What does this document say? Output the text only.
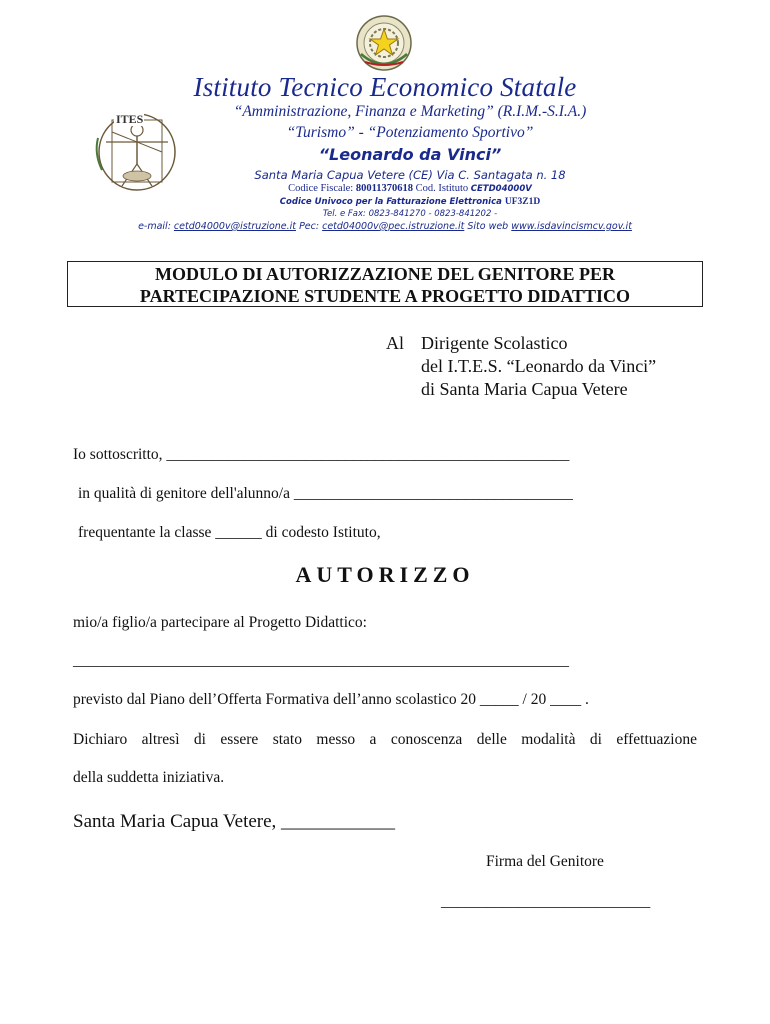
ITES
Istituto Tecnico Economico Statale
“Amministrazione, Finanza e Marketing” (R.I.M.-S.I.A.)
“Turismo” - “Potenziamento Sportivo”
“Leonardo da Vinci”
Santa Maria Capua Vetere (CE) Via C. Santagata n. 18
Codice Fiscale: 80011370618 Cod. Istituto CETD04000V
Codice Univoco per la Fatturazione Elettronica UF3Z1D
Tel. e Fax: 0823-841270 - 0823-841202 -
e-mail: cetd04000v@istruzione.it Pec: cetd04000v@pec.istruzione.it Sito web www.isdavincismcv.gov.it
MODULO DI AUTORIZZAZIONE DEL GENITORE PER
PARTECIPAZIONE STUDENTE A PROGETTO DIDATTICO
Al Dirigente Scolastico
del I.T.E.S. “Leonardo da Vinci”
di Santa Maria Capua Vetere
Io sottoscritto, ____________________________________________________
in qualità di genitore dell'alunno/a ____________________________________
frequentante la classe ______ di codesto Istituto,
AUTORIZZO
mio/a figlio/a partecipare al Progetto Didattico:
________________________________________________________________
previsto dal Piano dell’Offerta Formativa dell’anno scolastico 20 _____ / 20 ____ .
Dichiaro altresì di essere stato messo a conoscenza delle modalità di effettuazione
della suddetta iniziativa.
Santa Maria Capua Vetere, ____________
Firma del Genitore
___________________________
